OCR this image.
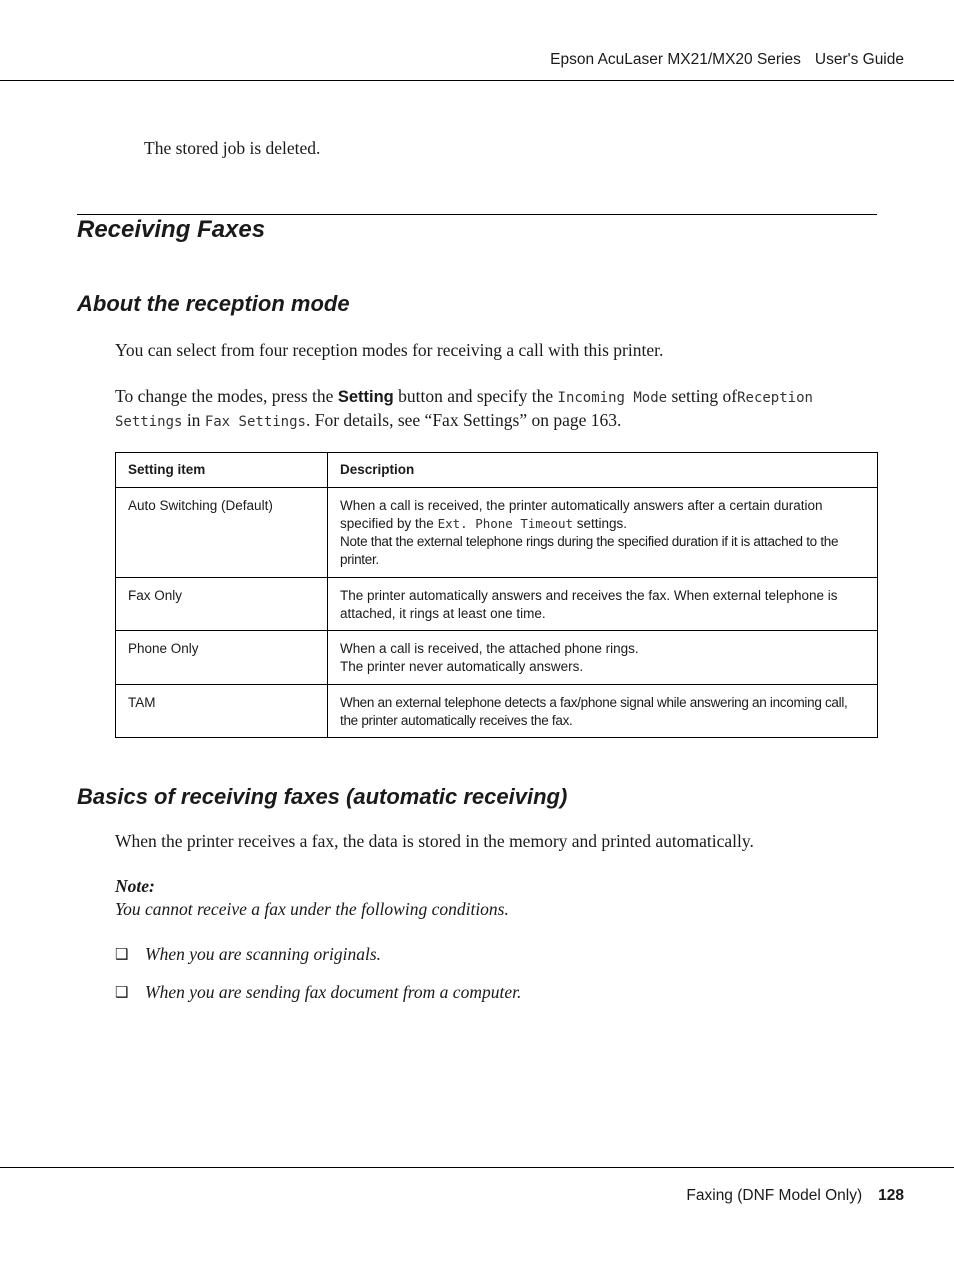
Epson AcuLaser MX21/MX20 Series User's Guide
The stored job is deleted.
Receiving Faxes
About the reception mode
You can select from four reception modes for receiving a call with this printer.
To change the modes, press the Setting button and specify the Incoming Mode setting ofReception Settings in Fax Settings. For details, see “Fax Settings” on page 163.
Setting item	Description
Auto Switching (Default)	When a call is received, the printer automatically answers after a certain duration specified by the Ext. Phone Timeout settings.
Note that the external telephone rings during the specified duration if it is attached to the printer.
Fax Only	The printer automatically answers and receives the fax. When external telephone is attached, it rings at least one time.
Phone Only	When a call is received, the attached phone rings.
The printer never automatically answers.
TAM	When an external telephone detects a fax/phone signal while answering an incoming call, the printer automatically receives the fax.
Basics of receiving faxes (automatic receiving)
When the printer receives a fax, the data is stored in the memory and printed automatically.
Note:
You cannot receive a fax under the following conditions.
❑ When you are scanning originals.
❑ When you are sending fax document from a computer.
Faxing (DNF Model Only) 128
